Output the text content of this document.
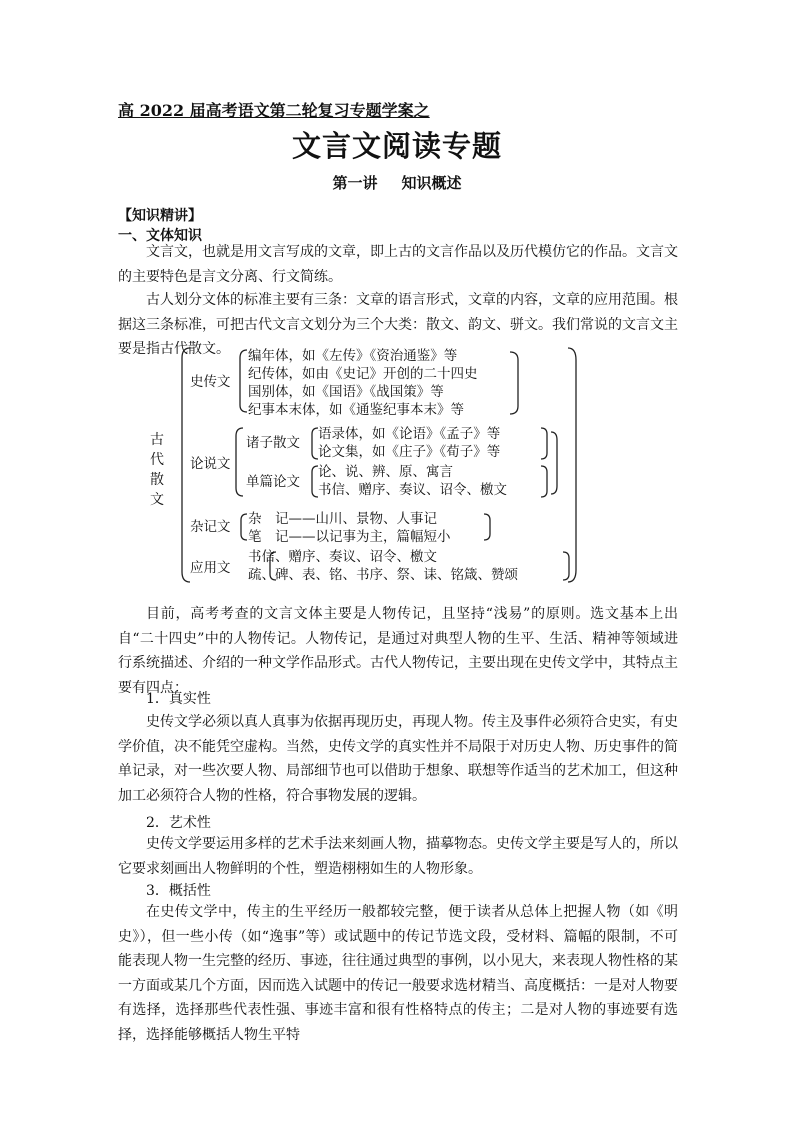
高 2022 届高考语文第二轮复习专题学案之
文言文阅读专题
第一讲 知识概述
【知识精讲】
一、文体知识
文言文，也就是用文言写成的文章，即上古的文言作品以及历代模仿它的作品。文言文的主要特色是言文分离、行文简练。
古人划分文体的标准主要有三条：文章的语言形式，文章的内容，文章的应用范围。根据这三条标准，可把古代文言文划分为三个大类：散文、韵文、骈文。我们常说的文言文主要是指古代散文。
古代散文
史传文
编年体，如《左传》《资治通鉴》等
纪传体，如由《史记》开创的二十四史
国别体，如《国语》《战国策》等
纪事本末体，如《通鉴纪事本末》等
论说文
诸子散文
语录体，如《论语》《孟子》等
论文集，如《庄子》《荀子》等
单篇论文
论、说、辨、原、寓言
书信、赠序、奏议、诏令、檄文
杂记文 杂　记——山川、景物、人事记
笔　记——以记事为主，篇幅短小
应用文
书信、赠序、奏议、诏令、檄文
疏、碑、表、铭、书序、祭、诔、铭箴、赞颂
目前，高考考查的文言文体主要是人物传记，且坚持“浅易”的原则。选文基本上出自“二十四史”中的人物传记。人物传记，是通过对典型人物的生平、生活、精神等领域进行系统描述、介绍的一种文学作品形式。古代人物传记，主要出现在史传文学中，其特点主要有四点：
1．真实性
史传文学必须以真人真事为依据再现历史，再现人物。传主及事件必须符合史实，有史学价值，决不能凭空虚构。当然，史传文学的真实性并不局限于对历史人物、历史事件的简单记录，对一些次要人物、局部细节也可以借助于想象、联想等作适当的艺术加工，但这种加工必须符合人物的性格，符合事物发展的逻辑。
2．艺术性
史传文学要运用多样的艺术手法来刻画人物，描摹物态。史传文学主要是写人的，所以它要求刻画出人物鲜明的个性，塑造栩栩如生的人物形象。
3．概括性
在史传文学中，传主的生平经历一般都较完整，便于读者从总体上把握人物（如《明史》），但一些小传（如“逸事”等）或试题中的传记节选文段，受材料、篇幅的限制，不可能表现人物一生完整的经历、事迹，往往通过典型的事例，以小见大，来表现人物性格的某一方面或某几个方面，因而选入试题中的传记一般要求选材精当、高度概括：一是对人物要有选择，选择那些代表性强、事迹丰富和很有性格特点的传主；二是对人物的事迹要有选择，选择能够概括人物生平特
